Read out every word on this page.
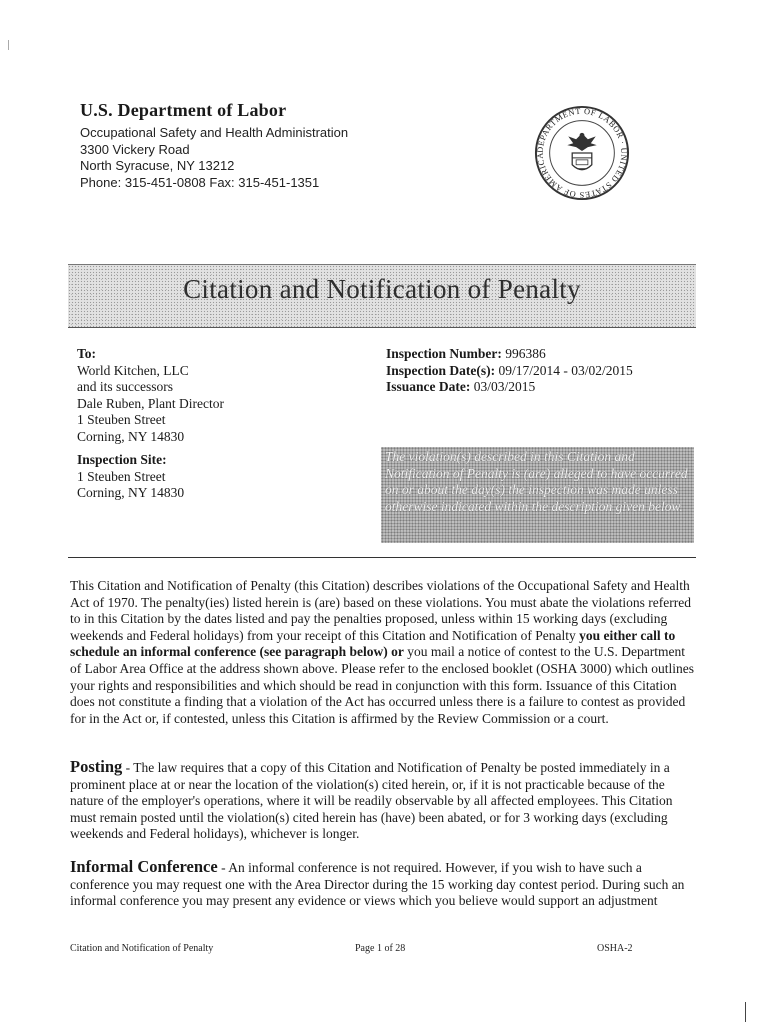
U.S. Department of Labor
Occupational Safety and Health Administration
3300 Vickery Road
North Syracuse, NY 13212
Phone: 315-451-0808 Fax: 315-451-1351
DEPARTMENT OF LABOR · UNITED STATES OF AMERICA
Citation and Notification of Penalty
To:
World Kitchen, LLC
and its successors
Dale Ruben, Plant Director
1 Steuben Street
Corning, NY 14830
Inspection Site:
1 Steuben Street
Corning, NY 14830
Inspection Number: 996386
Inspection Date(s): 09/17/2014 - 03/02/2015
Issuance Date: 03/03/2015
The violation(s) described in this Citation and Notification of Penalty is (are) alleged to have occurred on or about the day(s) the inspection was made unless otherwise indicated within the description given below.
This Citation and Notification of Penalty (this Citation) describes violations of the Occupational Safety and Health Act of 1970. The penalty(ies) listed herein is (are) based on these violations. You must abate the violations referred to in this Citation by the dates listed and pay the penalties proposed, unless within 15 working days (excluding weekends and Federal holidays) from your receipt of this Citation and Notification of Penalty you either call to schedule an informal conference (see paragraph below) or you mail a notice of contest to the U.S. Department of Labor Area Office at the address shown above. Please refer to the enclosed booklet (OSHA 3000) which outlines your rights and responsibilities and which should be read in conjunction with this form. Issuance of this Citation does not constitute a finding that a violation of the Act has occurred unless there is a failure to contest as provided for in the Act or, if contested, unless this Citation is affirmed by the Review Commission or a court.
Posting - The law requires that a copy of this Citation and Notification of Penalty be posted immediately in a prominent place at or near the location of the violation(s) cited herein, or, if it is not practicable because of the nature of the employer's operations, where it will be readily observable by all affected employees. This Citation must remain posted until the violation(s) cited herein has (have) been abated, or for 3 working days (excluding weekends and Federal holidays), whichever is longer.
Informal Conference - An informal conference is not required. However, if you wish to have such a conference you may request one with the Area Director during the 15 working day contest period. During such an informal conference you may present any evidence or views which you believe would support an adjustment
Citation and Notification of Penalty	Page 1 of 28	OSHA-2
